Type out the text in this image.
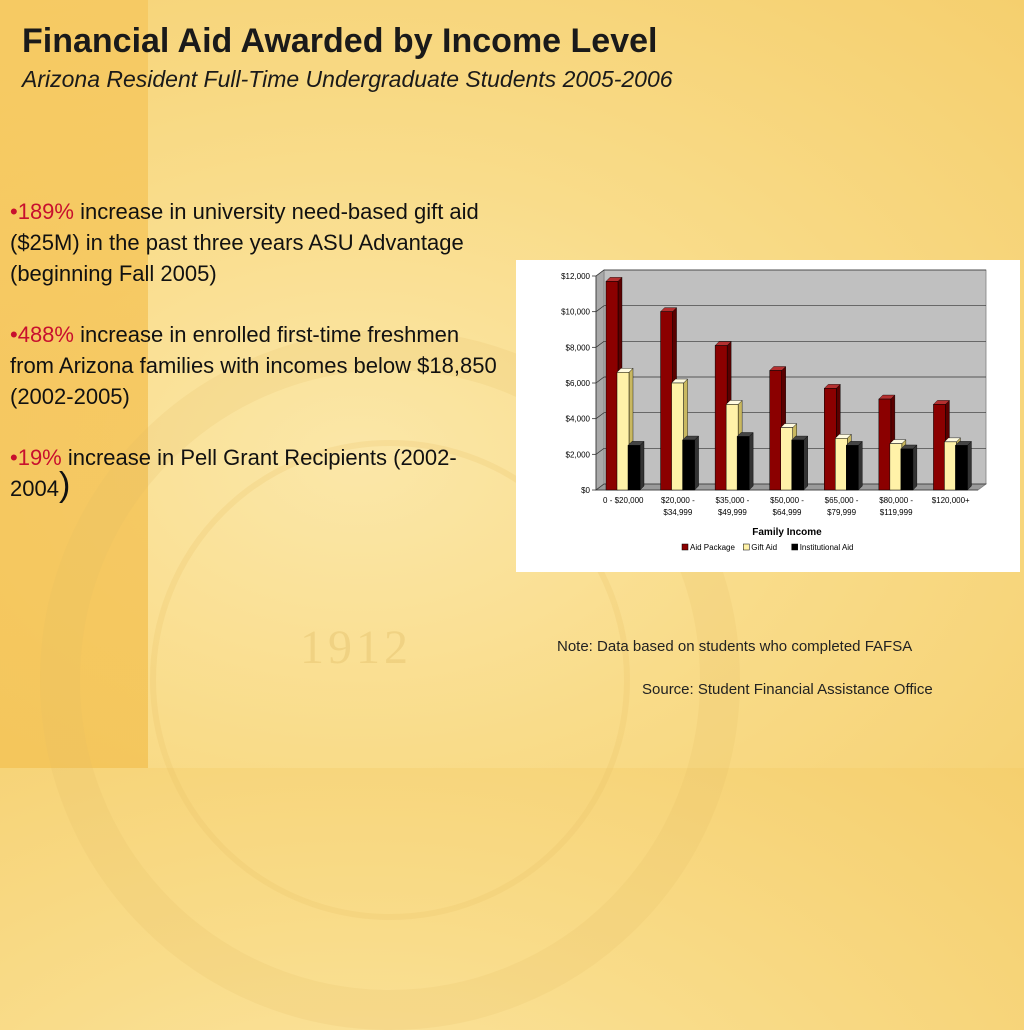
1912
Financial Aid Awarded by Income Level
Arizona Resident Full-Time Undergraduate Students 2005-2006

•189% increase in university need-based gift aid ($25M) in the past three years ASU Advantage (beginning Fall 2005)

•488% increase in enrolled first-time freshmen from Arizona families with incomes below $18,850 (2002-2005)

•19% increase in Pell Grant Recipients (2002-2004)	$0
$2,000
$4,000
$6,000
$8,000
$10,000
$12,000
0 - $20,000 $20,000 -
$34,999
$35,000 -
$49,999
$50,000 -
$64,999
$65,000 -
$79,999
$80,000 -
$119,999
$120,000+
Family Income
Aid Package Gift Aid	Institutional Aid
Note: Data based on students who completed FAFSA
Source: Student Financial Assistance Office
